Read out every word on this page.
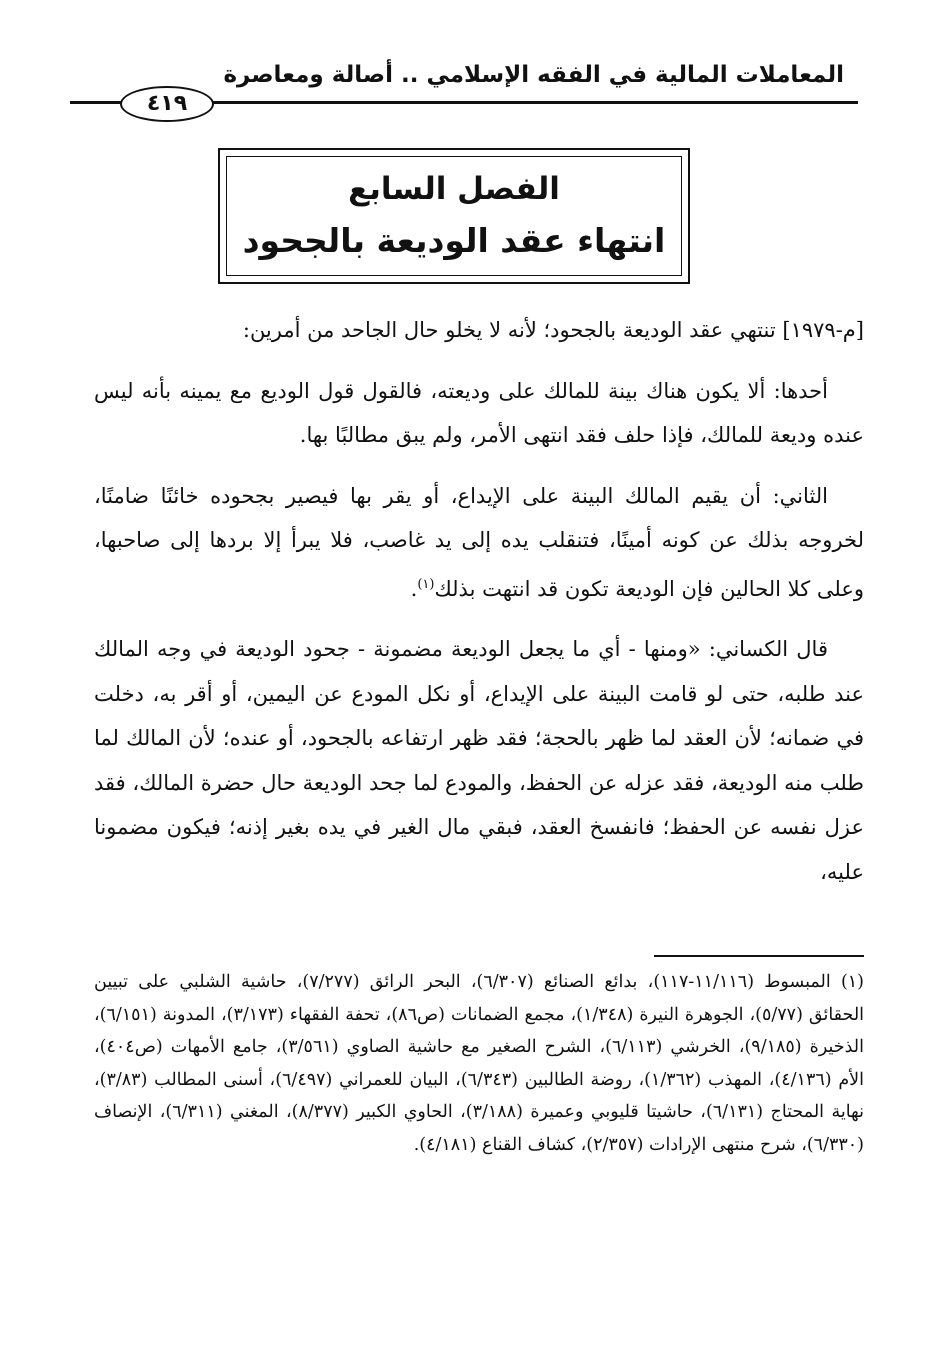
المعاملات المالية في الفقه الإسلامي .. أصالة ومعاصرة
٤١٩
الفصل السابع
انتهاء عقد الوديعة بالجحود

[م-١٩٧٩] تنتهي عقد الوديعة بالجحود؛ لأنه لا يخلو حال الجاحد من أمرين:

أحدها: ألا يكون هناك بينة للمالك على وديعته، فالقول قول الوديع مع يمينه بأنه ليس عنده وديعة للمالك، فإذا حلف فقد انتهى الأمر، ولم يبق مطالبًا بها.

الثاني: أن يقيم المالك البينة على الإيداع، أو يقر بها فيصير بجحوده خائنًا ضامنًا، لخروجه بذلك عن كونه أمينًا، فتنقلب يده إلى يد غاصب، فلا يبرأ إلا بردها إلى صاحبها، وعلى كلا الحالين فإن الوديعة تكون قد انتهت بذلك$^{(١)}$.

قال الكساني: «ومنها - أي ما يجعل الوديعة مضمونة - جحود الوديعة في وجه المالك عند طلبه، حتى لو قامت البينة على الإيداع، أو نكل المودع عن اليمين، أو أقر به، دخلت في ضمانه؛ لأن العقد لما ظهر بالحجة؛ فقد ظهر ارتفاعه بالجحود، أو عنده؛ لأن المالك لما طلب منه الوديعة، فقد عزله عن الحفظ، والمودع لما جحد الوديعة حال حضرة المالك، فقد عزل نفسه عن الحفظ؛ فانفسخ العقد، فبقي مال الغير في يده بغير إذنه؛ فيكون مضمونا عليه،

(١) المبسوط (١١/١١٦-١١٧)، بدائع الصنائع (٦/٣٠٧)، البحر الرائق (٧/٢٧٧)، حاشية الشلبي على تبيين الحقائق (٥/٧٧)، الجوهرة النيرة (١/٣٤٨)، مجمع الضمانات (ص٨٦)، تحفة الفقهاء (٣/١٧٣)، المدونة (٦/١٥١)، الذخيرة (٩/١٨٥)، الخرشي (٦/١١٣)، الشرح الصغير مع حاشية الصاوي (٣/٥٦١)، جامع الأمهات (ص٤٠٤)، الأم (٤/١٣٦)، المهذب (١/٣٦٢)، روضة الطالبين (٦/٣٤٣)، البيان للعمراني (٦/٤٩٧)، أسنى المطالب (٣/٨٣)، نهاية المحتاج (٦/١٣١)، حاشيتا قليوبي وعميرة (٣/١٨٨)، الحاوي الكبير (٨/٣٧٧)، المغني (٦/٣١١)، الإنصاف (٦/٣٣٠)، شرح منتهى الإرادات (٢/٣٥٧)، كشاف القناع (٤/١٨١).
